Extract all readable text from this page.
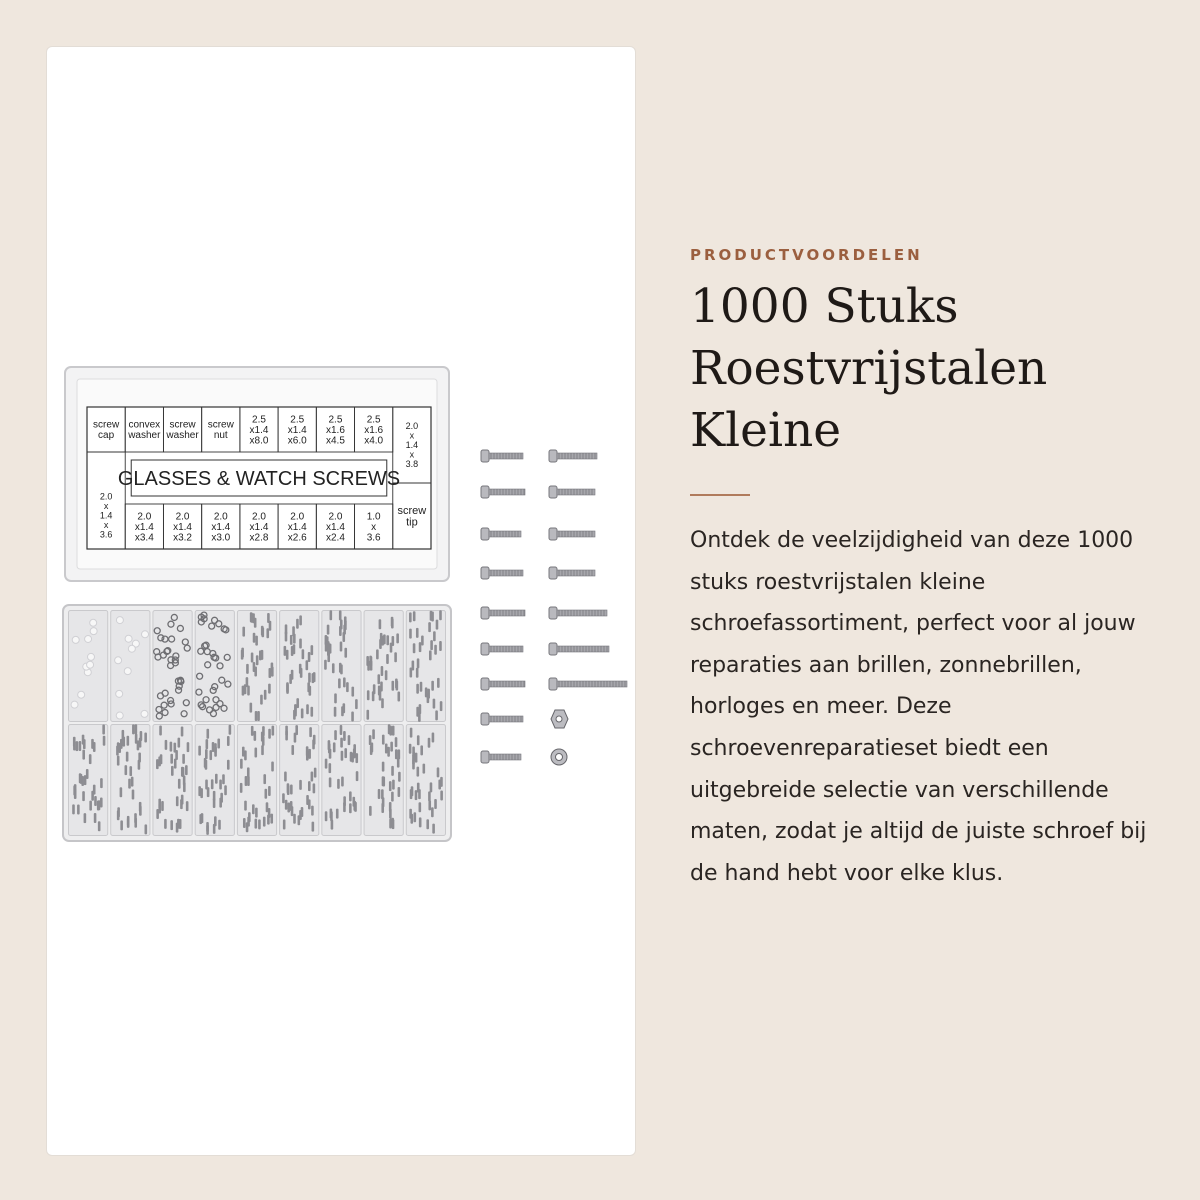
screw cap
convex washer
screw washer
screw nut
2.5 x1.4 x8.0
2.5 x1.4 x6.0
2.5 x1.6 x4.5
2.5 x1.6 x4.0
2.0 x 1.4 x 3.8
2.0 x 1.4 x 3.6
screw tip
GLASSES & WATCH SCREWS
2.0 x1.4 x3.4
2.0 x1.4 x3.2
2.0 x1.4 x3.0
2.0 x1.4 x2.8
2.0 x1.4 x2.6
2.0 x1.4 x2.4
1.0 x 3.6
PRODUCTVOORDELEN
1000 Stuks Roestvrijstalen Kleine

Ontdek de veelzijdigheid van deze 1000 stuks roestvrijstalen kleine schroefassortiment, perfect voor al jouw reparaties aan brillen, zonnebrillen, horloges en meer. Deze schroevenreparatieset biedt een uitgebreide selectie van verschillende maten, zodat je altijd de juiste schroef bij de hand hebt voor elke klus.
